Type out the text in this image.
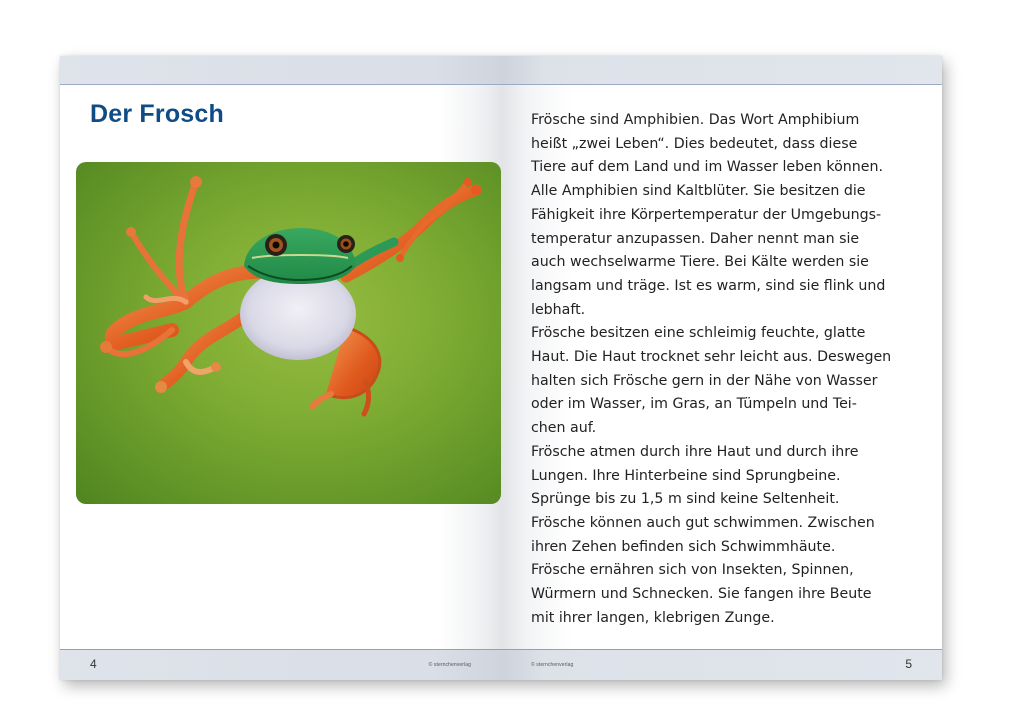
Der Frosch
4	© sternchenverlag
Frösche sind Amphibien. Das Wort Amphibium
heißt „zwei Leben“. Dies bedeutet, dass diese
Tiere auf dem Land und im Wasser leben können.
Alle Amphibien sind Kaltblüter. Sie besitzen die
Fähigkeit ihre Körpertemperatur der Umgebungs-
temperatur anzupassen. Daher nennt man sie
auch wechselwarme Tiere. Bei Kälte werden sie
langsam und träge. Ist es warm, sind sie flink und
lebhaft.
Frösche besitzen eine schleimig feuchte, glatte
Haut. Die Haut trocknet sehr leicht aus. Deswegen
halten sich Frösche gern in der Nähe von Wasser
oder im Wasser, im Gras, an Tümpeln und Tei-
chen auf.
Frösche atmen durch ihre Haut und durch ihre
Lungen. Ihre Hinterbeine sind Sprungbeine.
Sprünge bis zu 1,5 m sind keine Seltenheit.
Frösche können auch gut schwimmen. Zwischen
ihren Zehen befinden sich Schwimmhäute.
Frösche ernähren sich von Insekten, Spinnen,
Würmern und Schnecken. Sie fangen ihre Beute
mit ihrer langen, klebrigen Zunge.
© sternchenverlag	5
